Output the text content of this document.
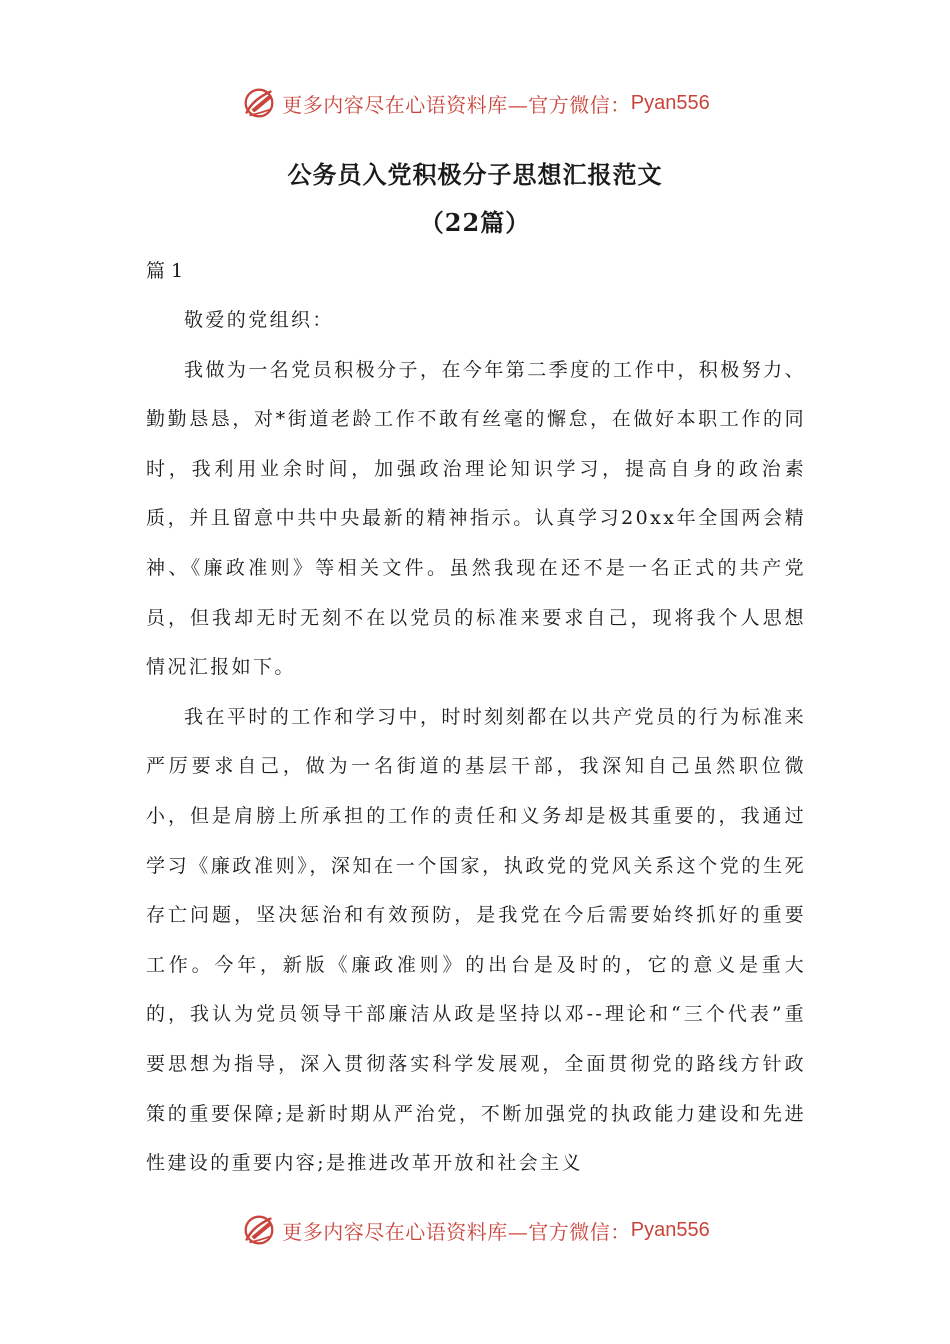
更多内容尽在心语资料库—官方微信： Pyan556
公务员入党积极分子思想汇报范文
（22篇）

篇 1

敬爱的党组织：

我做为一名党员积极分子，在今年第二季度的工作中，积极努力、勤勤恳恳，对*街道老龄工作不敢有丝毫的懈怠，在做好本职工作的同时，我利用业余时间，加强政治理论知识学习，提高自身的政治素质，并且留意中共中央最新的精神指示。认真学习20xx年全国两会精神、《廉政准则》等相关文件。虽然我现在还不是一名正式的共产党员，但我却无时无刻不在以党员的标准来要求自己，现将我个人思想情况汇报如下。

我在平时的工作和学习中，时时刻刻都在以共产党员的行为标准来严厉要求自己，做为一名街道的基层干部，我深知自己虽然职位微小，但是肩膀上所承担的工作的责任和义务却是极其重要的，我通过学习《廉政准则》，深知在一个国家，执政党的党风关系这个党的生死存亡问题，坚决惩治和有效预防，是我党在今后需要始终抓好的重要工作。今年，新版《廉政准则》的出台是及时的，它的意义是重大的，我认为党员领导干部廉洁从政是坚持以邓--理论和“三个代表”重要思想为指导，深入贯彻落实科学发展观，全面贯彻党的路线方针政策的重要保障;是新时期从严治党，不断加强党的执政能力建设和先进性建设的重要内容;是推进改革开放和社会主义

更多内容尽在心语资料库—官方微信： Pyan556
